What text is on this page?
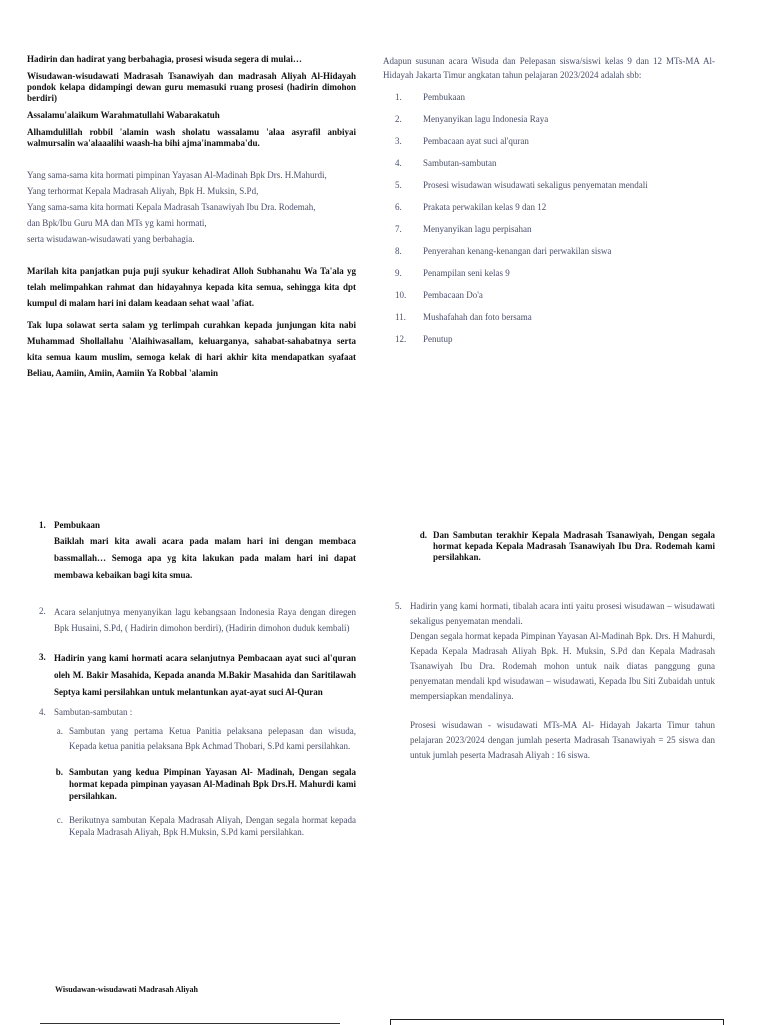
Hadirin dan hadirat yang berbahagia, prosesi wisuda segera di mulai…

Wisudawan-wisudawati Madrasah Tsanawiyah dan madrasah Aliyah Al-Hidayah pondok kelapa didampingi dewan guru memasuki ruang prosesi (hadirin dimohon berdiri)

Assalamu'alaikum Warahmatullahi Wabarakatuh

Alhamdulillah robbil 'alamin wash sholatu wassalamu 'alaa asyrafil anbiyai walmursalin wa'alaaalihi waash-ha bihi ajma'inammaba'du.

Yang sama-sama kita hormati pimpinan Yayasan Al-Madinah Bpk Drs. H.Mahurdi,
Yang terhormat Kepala Madrasah Aliyah, Bpk H. Muksin, S.Pd,
Yang sama-sama kita hormati Kepala Madrasah Tsanawiyah Ibu Dra. Rodemah,
dan Bpk/Ibu Guru MA dan MTs yg kami hormati,
serta wisudawan-wisudawati yang berbahagia.

Marilah kita panjatkan puja puji syukur kehadirat Alloh Subhanahu Wa Ta'ala yg telah melimpahkan rahmat dan hidayahnya kepada kita semua, sehingga kita dpt kumpul di malam hari ini dalam keadaan sehat waal 'afiat.

Tak lupa solawat serta salam yg terlimpah curahkan kepada junjungan kita nabi Muhammad Shollallahu 'Alaihiwasallam, keluarganya, sahabat-sahabatnya serta kita semua kaum muslim, semoga kelak di hari akhir kita mendapatkan syafaat Beliau, Aamiin, Amiin, Aamiin Ya Robbal 'alamin

Adapun susunan acara Wisuda dan Pelepasan siswa/siswi kelas 9 dan 12 MTs-MA Al-Hidayah Jakarta Timur angkatan tahun pelajaran 2023/2024 adalah sbb:

1.	Pembukaan
2.	Menyanyikan lagu Indonesia Raya
3.	Pembacaan ayat suci al'quran
4.	Sambutan-sambutan
5.	Prosesi wisudawan wisudawati sekaligus penyematan mendali
6.	Prakata perwakilan kelas 9 dan 12
7.	Menyanyikan lagu perpisahan
8.	Penyerahan kenang-kenangan dari perwakilan siswa
9.	Penampilan seni kelas 9
10.	Pembacaan Do'a
11.	Mushafahah dan foto bersama
12.	Penutup
1. Pembukaan

Baiklah mari kita awali acara pada malam hari ini dengan membaca bassmallah… Semoga apa yg kita lakukan pada malam hari ini dapat membawa kebaikan bagi kita smua.

2. Acara selanjutnya menyanyikan lagu kebangsaan Indonesia Raya dengan diregen Bpk Husaini, S.Pd, ( Hadirin dimohon berdiri), (Hadirin dimohon duduk kembali)

3. Hadirin yang kami hormati acara selanjutnya Pembacaan ayat suci al'quran oleh M. Bakir Masahida, Kepada ananda M.Bakir Masahida dan Saritilawah Septya kami persilahkan untuk melantunkan ayat-ayat suci Al-Quran

4. Sambutan-sambutan :
a. Sambutan yang pertama Ketua Panitia pelaksana pelepasan dan wisuda, Kepada ketua panitia pelaksana Bpk Achmad Thobari, S.Pd kami persilahkan.

b. Sambutan yang kedua Pimpinan Yayasan Al- Madinah, Dengan segala hormat kepada pimpinan yayasan Al-Madinah Bpk Drs.H. Mahurdi kami persilahkan.

c. Berikutnya sambutan Kepala Madrasah Aliyah, Dengan segala hormat kepada Kepala Madrasah Aliyah, Bpk H.Muksin, S.Pd kami persilahkan.

d. Dan Sambutan terakhir Kepala Madrasah Tsanawiyah, Dengan segala hormat kepada Kepala Madrasah Tsanawiyah Ibu Dra. Rodemah kami persilahkan.

5. Hadirin yang kami hormati, tibalah acara inti yaitu prosesi wisudawan – wisudawati sekaligus penyematan mendali.

Dengan segala hormat kepada Pimpinan Yayasan Al-Madinah Bpk. Drs. H Mahurdi, Kepada Kepala Madrasah Aliyah Bpk. H. Muksin, S.Pd dan Kepala Madrasah Tsanawiyah Ibu Dra. Rodemah mohon untuk naik diatas panggung guna penyematan mendali kpd wisudawan – wisudawati, Kepada Ibu Siti Zubaidah untuk mempersiapkan mendalinya.

Prosesi wisudawan - wisudawati MTs-MA Al- Hidayah Jakarta Timur tahun pelajaran 2023/2024 dengan jumlah peserta Madrasah Tsanawiyah = 25 siswa dan untuk jumlah peserta Madrasah Aliyah : 16 siswa.

Wisudawan-wisudawati Madrasah Aliyah
